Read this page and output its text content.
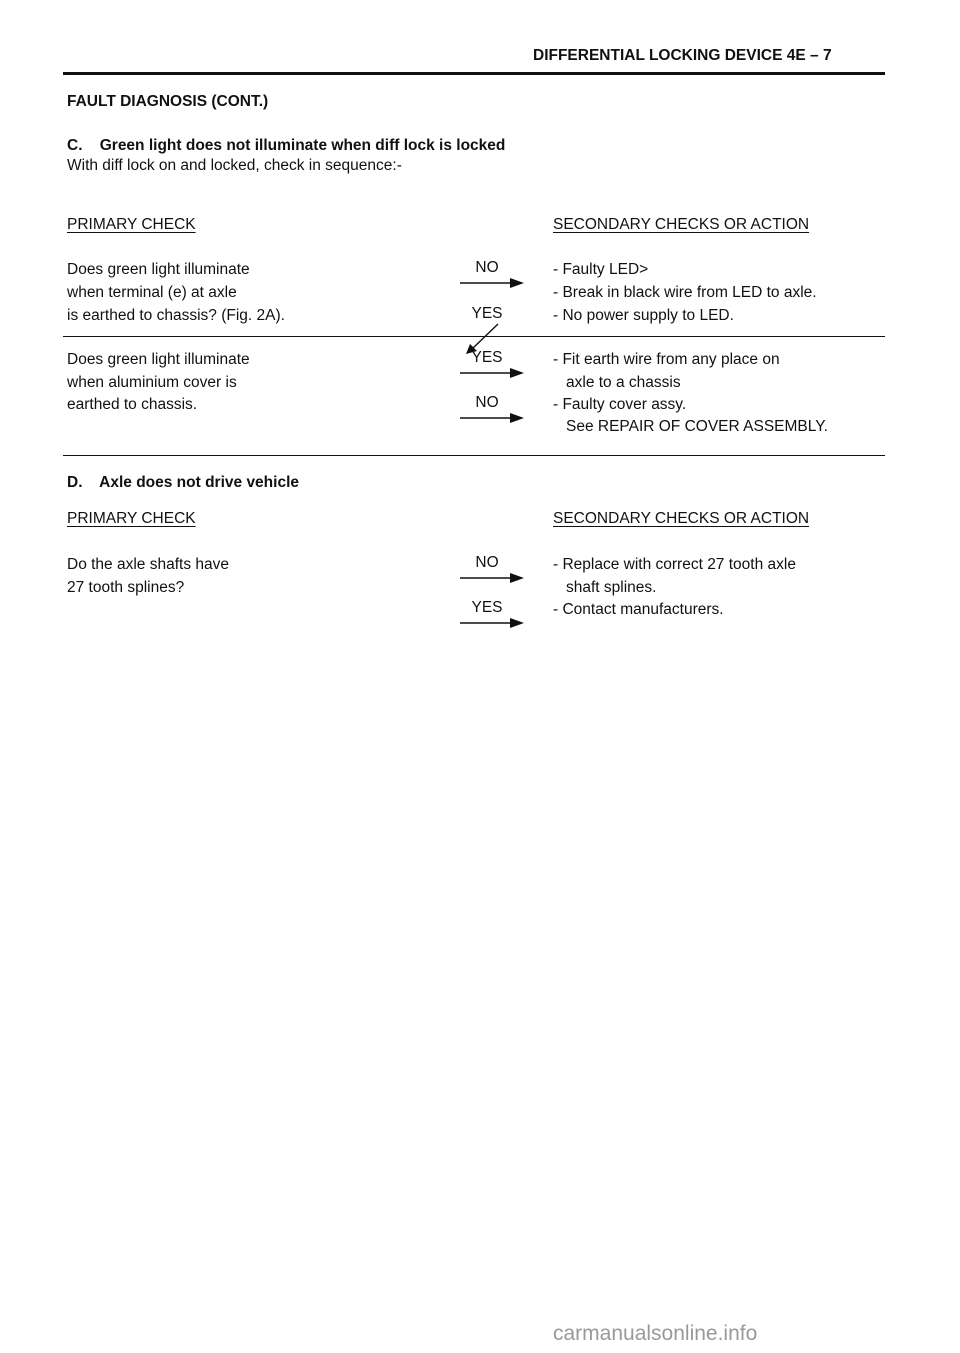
DIFFERENTIAL LOCKING DEVICE 4E – 7
FAULT DIAGNOSIS (CONT.)
C.    Green light does not illuminate when diff lock is locked
With diff lock on and locked, check in sequence:-
PRIMARY CHECK	SECONDARY CHECKS OR ACTION
Does green light illuminate
when terminal (e) at axle
is earthed to chassis? (Fig. 2A).
NO
YES
- Faulty LED>
- Break in black wire from LED to axle.
- No power supply to LED.
Does green light illuminate
when aluminium cover is
earthed to chassis.
YES
NO
- Fit earth wire from any place on
axle to a chassis
- Faulty cover assy.
See REPAIR OF COVER ASSEMBLY.
D.    Axle does not drive vehicle
PRIMARY CHECK	SECONDARY CHECKS OR ACTION
Do the axle shafts have
27 tooth splines?
NO
YES
- Replace with correct 27 tooth axle
shaft splines.
- Contact manufacturers.
carmanualsonline.info
